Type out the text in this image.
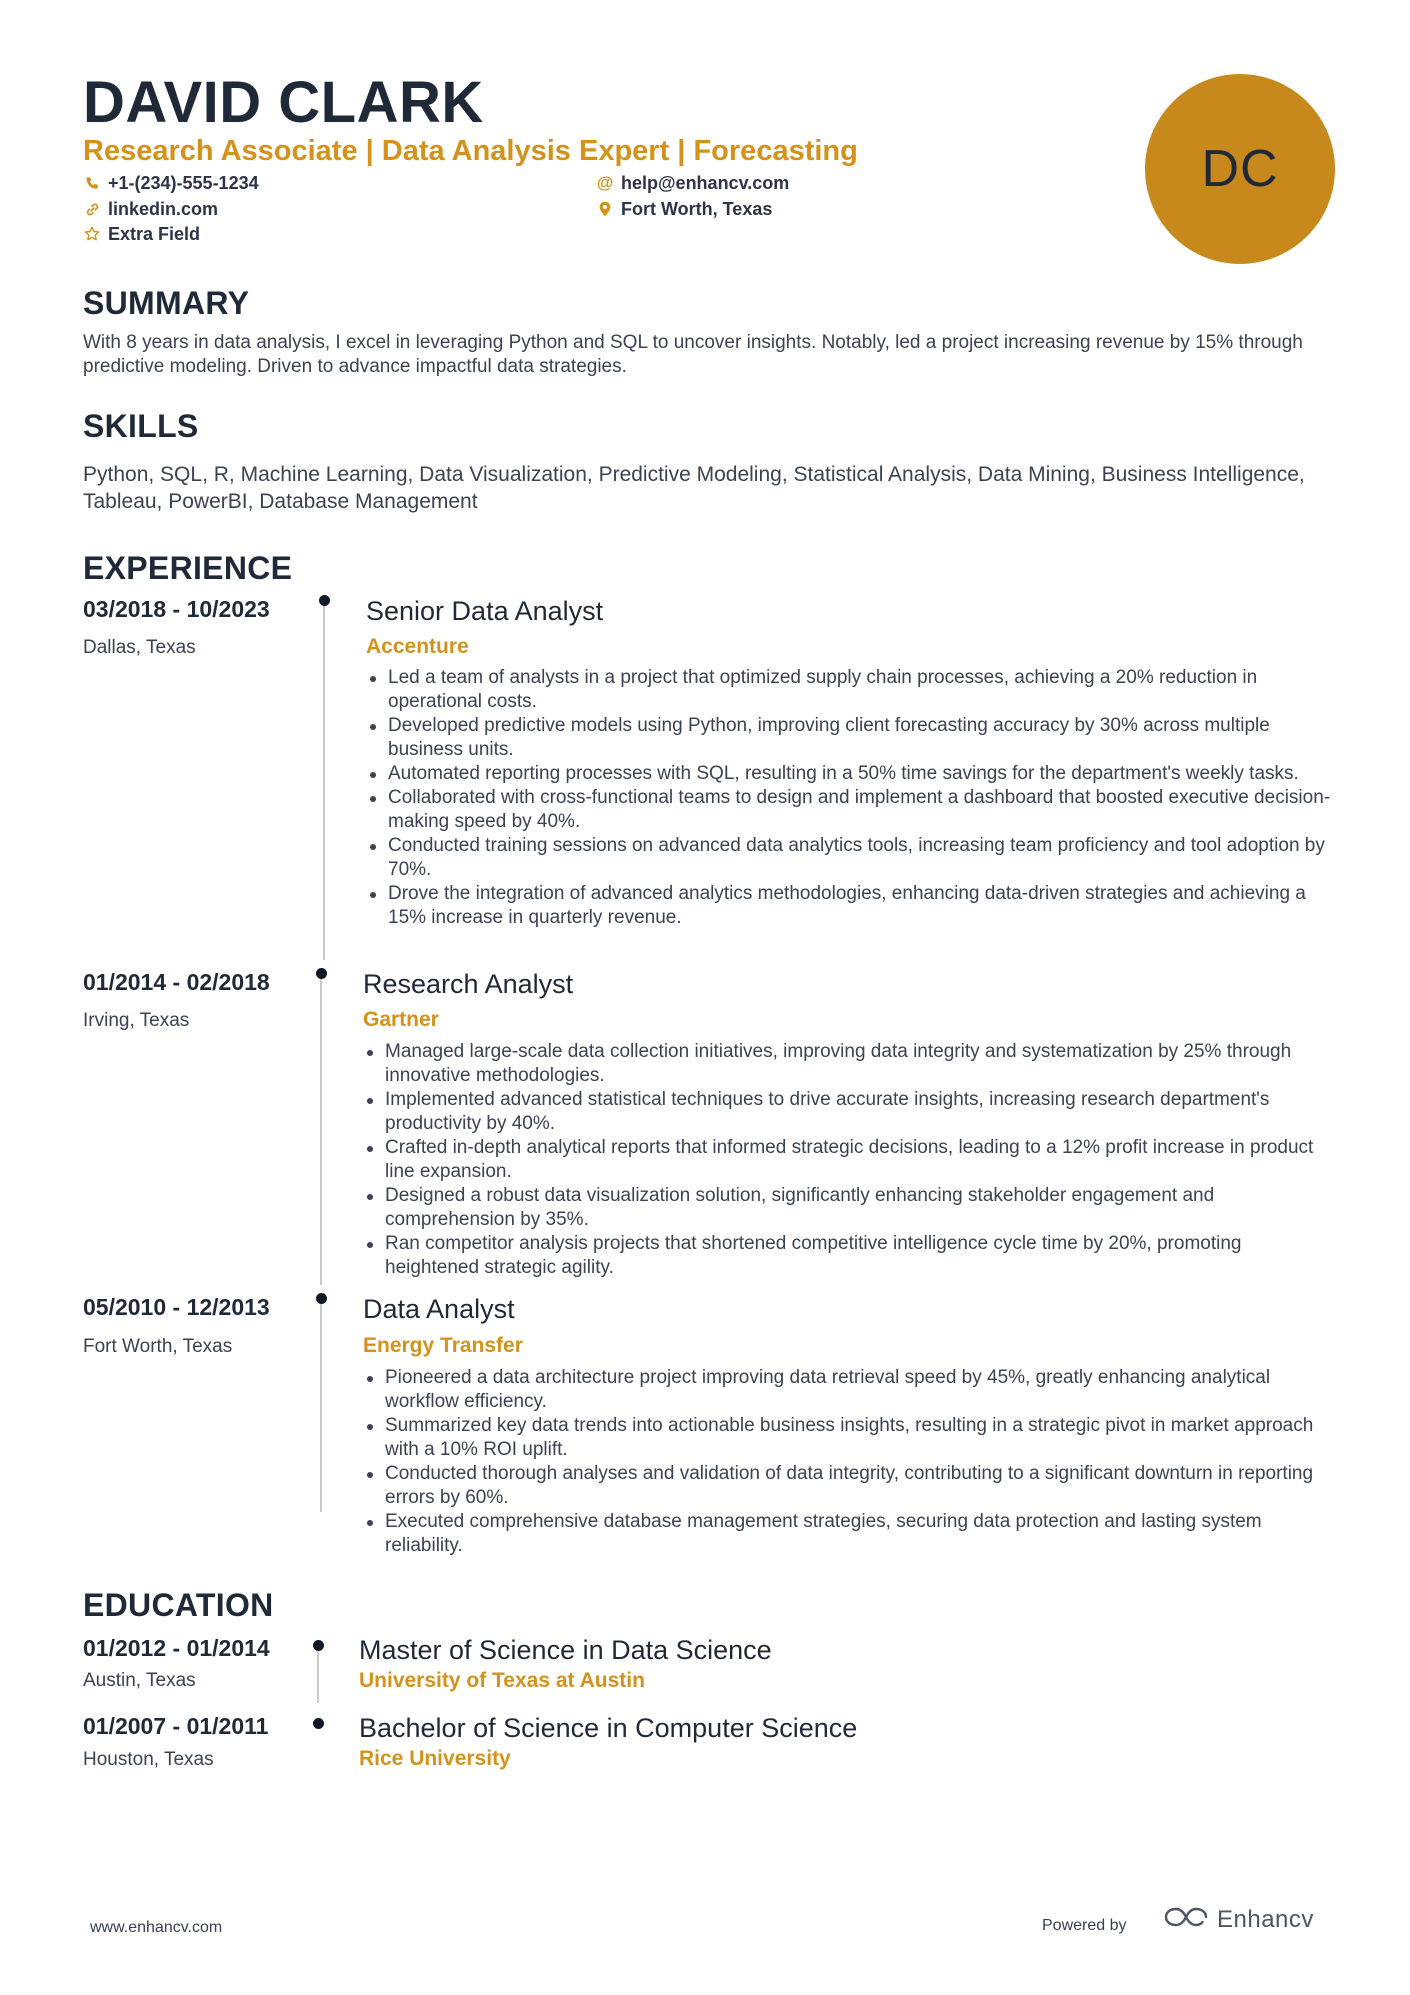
DAVID CLARK
Research Associate | Data Analysis Expert | Forecasting
+1-(234)-555-1234	@ help@enhancv.com
linkedin.com	Fort Worth, Texas
Extra Field
DC
SUMMARY

With 8 years in data analysis, I excel in leveraging Python and SQL to uncover insights. Notably, led a project increasing revenue by 15% through predictive modeling. Driven to advance impactful data strategies.

SKILLS

Python, SQL, R, Machine Learning, Data Visualization, Predictive Modeling, Statistical Analysis, Data Mining, Business Intelligence, Tableau, PowerBI, Database Management

EXPERIENCE
03/2018 - 10/2023
Dallas, Texas
Senior Data Analyst
Accenture
Led a team of analysts in a project that optimized supply chain processes, achieving a 20% reduction in operational costs.
Developed predictive models using Python, improving client forecasting accuracy by 30% across multiple business units.
Automated reporting processes with SQL, resulting in a 50% time savings for the department's weekly tasks.
Collaborated with cross-functional teams to design and implement a dashboard that boosted executive decision-making speed by 40%.
Conducted training sessions on advanced data analytics tools, increasing team proficiency and tool adoption by 70%.
Drove the integration of advanced analytics methodologies, enhancing data-driven strategies and achieving a 15% increase in quarterly revenue.
01/2014 - 02/2018
Irving, Texas
Research Analyst
Gartner
Managed large-scale data collection initiatives, improving data integrity and systematization by 25% through innovative methodologies.
Implemented advanced statistical techniques to drive accurate insights, increasing research department's productivity by 40%.
Crafted in-depth analytical reports that informed strategic decisions, leading to a 12% profit increase in product line expansion.
Designed a robust data visualization solution, significantly enhancing stakeholder engagement and comprehension by 35%.
Ran competitor analysis projects that shortened competitive intelligence cycle time by 20%, promoting heightened strategic agility.
05/2010 - 12/2013
Fort Worth, Texas
Data Analyst
Energy Transfer
Pioneered a data architecture project improving data retrieval speed by 45%, greatly enhancing analytical workflow efficiency.
Summarized key data trends into actionable business insights, resulting in a strategic pivot in market approach with a 10% ROI uplift.
Conducted thorough analyses and validation of data integrity, contributing to a significant downturn in reporting errors by 60%.
Executed comprehensive database management strategies, securing data protection and lasting system reliability.
EDUCATION
01/2012 - 01/2014
Austin, Texas
Master of Science in Data Science
University of Texas at Austin
01/2007 - 01/2011
Houston, Texas
Bachelor of Science in Computer Science
Rice University
www.enhancv.com	Powered by	Enhancv
